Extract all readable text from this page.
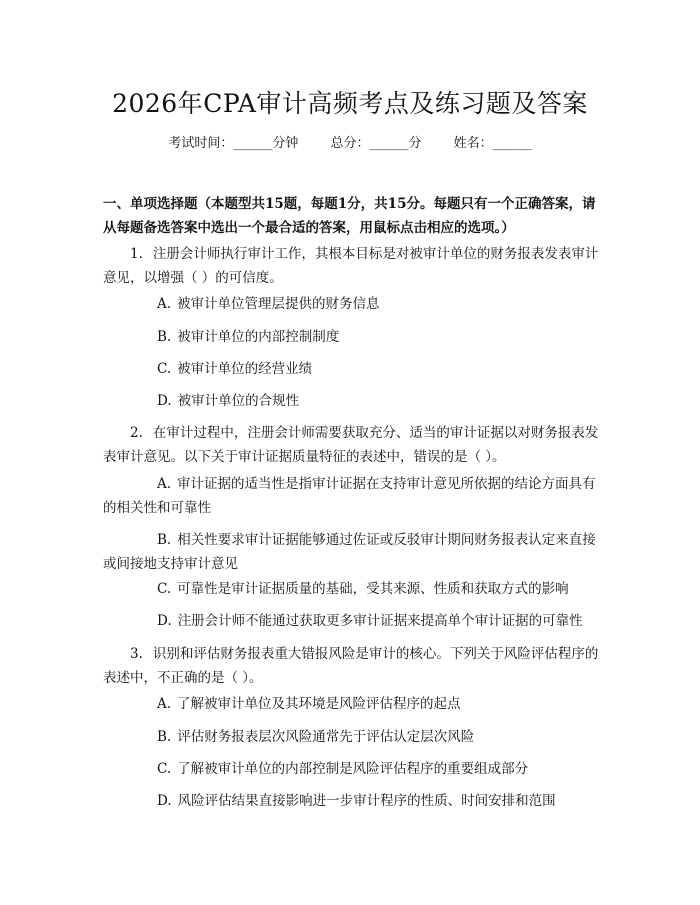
2026年CPA审计高频考点及练习题及答案
考试时间：______分钟 总分：______分 姓名：______
一、单项选择题（本题型共15题，每题1分，共15分。每题只有一个正确答案，请从每题备选答案中选出一个最合适的答案，用鼠标点击相应的选项。）
1. 注册会计师执行审计工作，其根本目标是对被审计单位的财务报表发表审计意见，以增强（ ）的可信度。
A. 被审计单位管理层提供的财务信息
B. 被审计单位的内部控制制度
C. 被审计单位的经营业绩
D. 被审计单位的合规性
2. 在审计过程中，注册会计师需要获取充分、适当的审计证据以对财务报表发表审计意见。以下关于审计证据质量特征的表述中，错误的是（ ）。
A. 审计证据的适当性是指审计证据在支持审计意见所依据的结论方面具有的相关性和可靠性
B. 相关性要求审计证据能够通过佐证或反驳审计期间财务报表认定来直接或间接地支持审计意见
C. 可靠性是审计证据质量的基础，受其来源、性质和获取方式的影响
D. 注册会计师不能通过获取更多审计证据来提高单个审计证据的可靠性
3. 识别和评估财务报表重大错报风险是审计的核心。下列关于风险评估程序的表述中，不正确的是（ ）。
A. 了解被审计单位及其环境是风险评估程序的起点
B. 评估财务报表层次风险通常先于评估认定层次风险
C. 了解被审计单位的内部控制是风险评估程序的重要组成部分
D. 风险评估结果直接影响进一步审计程序的性质、时间安排和范围
